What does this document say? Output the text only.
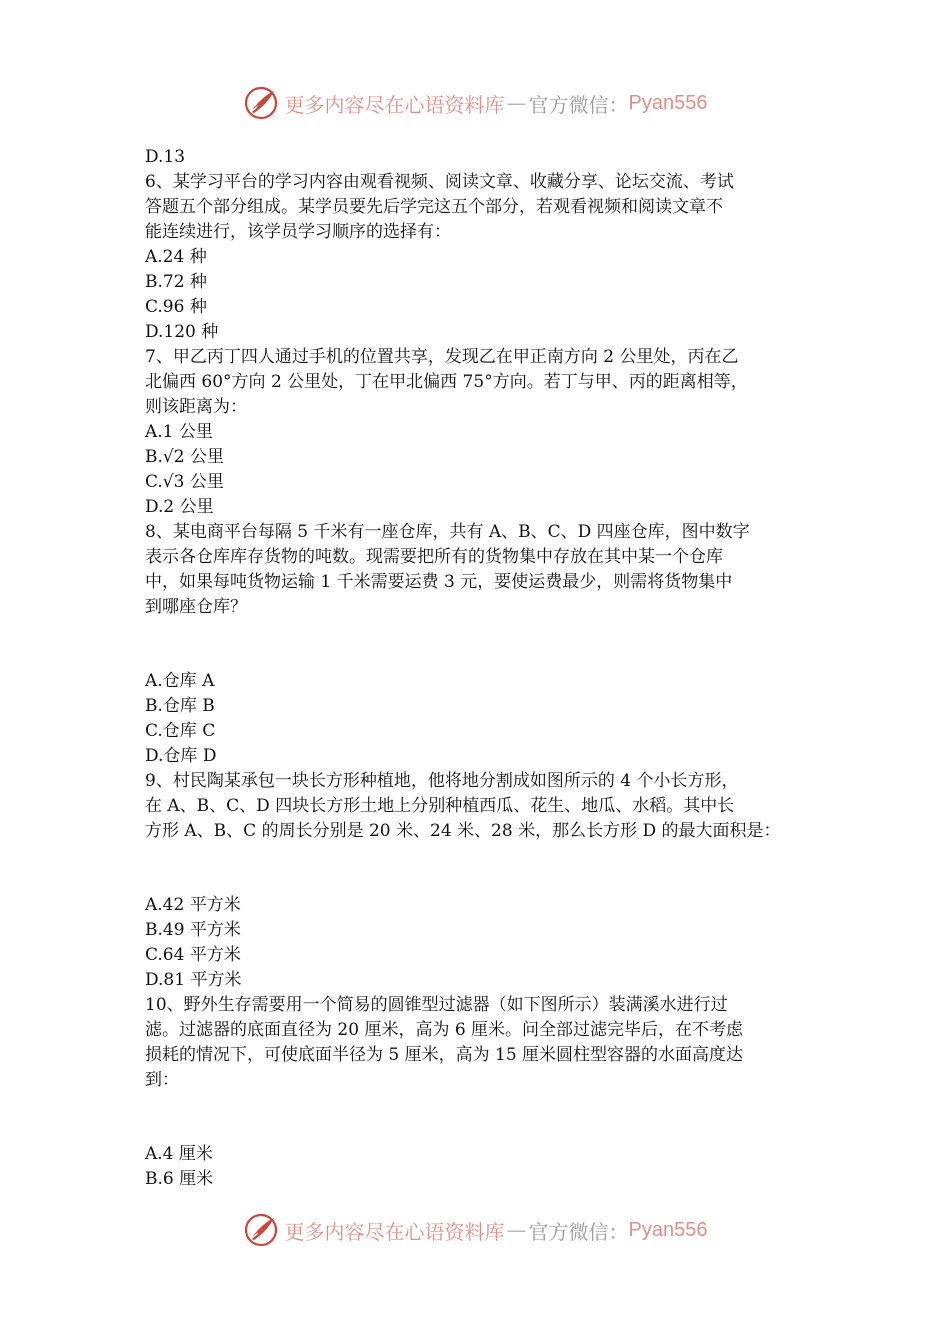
更多内容尽在心语资料库 — 官方微信： Pyan556
D.13
6、某学习平台的学习内容由观看视频、阅读文章、收藏分享、论坛交流、考试
答题五个部分组成。某学员要先后学完这五个部分，若观看视频和阅读文章不
能连续进行，该学员学习顺序的选择有：
A.24 种
B.72 种
C.96 种
D.120 种
7、甲乙丙丁四人通过手机的位置共享，发现乙在甲正南方向 2 公里处，丙在乙
北偏西 60°方向 2 公里处，丁在甲北偏西 75°方向。若丁与甲、丙的距离相等，
则该距离为：
A.1 公里
B.√2 公里
C.√3 公里
D.2 公里
8、某电商平台每隔 5 千米有一座仓库，共有 A、B、C、D 四座仓库，图中数字
表示各仓库库存货物的吨数。现需要把所有的货物集中存放在其中某一个仓库
中，如果每吨货物运输 1 千米需要运费 3 元，要使运费最少，则需将货物集中
到哪座仓库？
A.仓库 A
B.仓库 B
C.仓库 C
D.仓库 D
9、村民陶某承包一块长方形种植地，他将地分割成如图所示的 4 个小长方形，
在 A、B、C、D 四块长方形土地上分别种植西瓜、花生、地瓜、水稻。其中长
方形 A、B、C 的周长分别是 20 米、24 米、28 米，那么长方形 D 的最大面积是：
A.42 平方米
B.49 平方米
C.64 平方米
D.81 平方米
10、野外生存需要用一个简易的圆锥型过滤器（如下图所示）装满溪水进行过
滤。过滤器的底面直径为 20 厘米，高为 6 厘米。问全部过滤完毕后，在不考虑
损耗的情况下，可使底面半径为 5 厘米，高为 15 厘米圆柱型容器的水面高度达
到：
A.4 厘米
B.6 厘米
更多内容尽在心语资料库 — 官方微信： Pyan556
